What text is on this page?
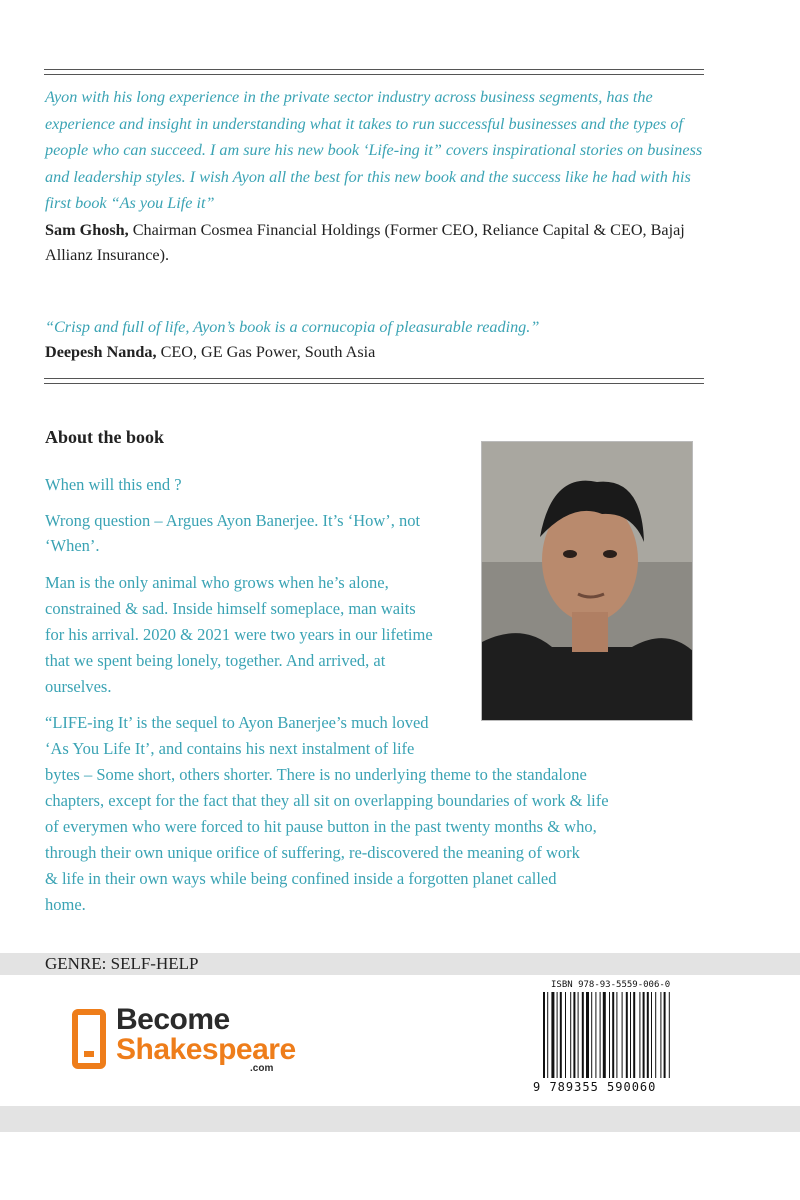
Ayon with his long experience in the private sector industry across business segments, has the experience and insight in understanding what it takes to run successful businesses and the types of people who can succeed. I am sure his new book ‘Life-ing it” covers inspirational stories on business and leadership styles. I wish Ayon all the best for this new book and the success like he had with his first book “As you Life it”
Sam Ghosh, Chairman Cosmea Financial Holdings (Former CEO, Reliance Capital & CEO, Bajaj Allianz Insurance).
“Crisp and full of life, Ayon’s book is a cornucopia of pleasurable reading.”
Deepesh Nanda, CEO, GE Gas Power, South Asia
About the book

When will this end ?

Wrong question – Argues Ayon Banerjee. It’s ‘How’, not

‘When’.

Man is the only animal who grows when he’s alone,

constrained & sad. Inside himself someplace, man waits

for his arrival. 2020 & 2021 were two years in our lifetime

that we spent being lonely, together. And arrived, at

ourselves.

“LIFE-ing It’ is the sequel to Ayon Banerjee’s much loved

‘As You Life It’, and contains his next instalment of life

bytes – Some short, others shorter. There is no underlying theme to the standalone

chapters, except for the fact that they all sit on overlapping boundaries of work & life

of everymen who were forced to hit pause button in the past twenty months & who,

through their own unique orifice of suffering, re-discovered the meaning of work

& life in their own ways while being confined inside a forgotten planet called

home.

GENRE: SELF-HELP
Become
Shakespeare
.com
ISBN 978-93-5559-006-0
9 789355 590060
